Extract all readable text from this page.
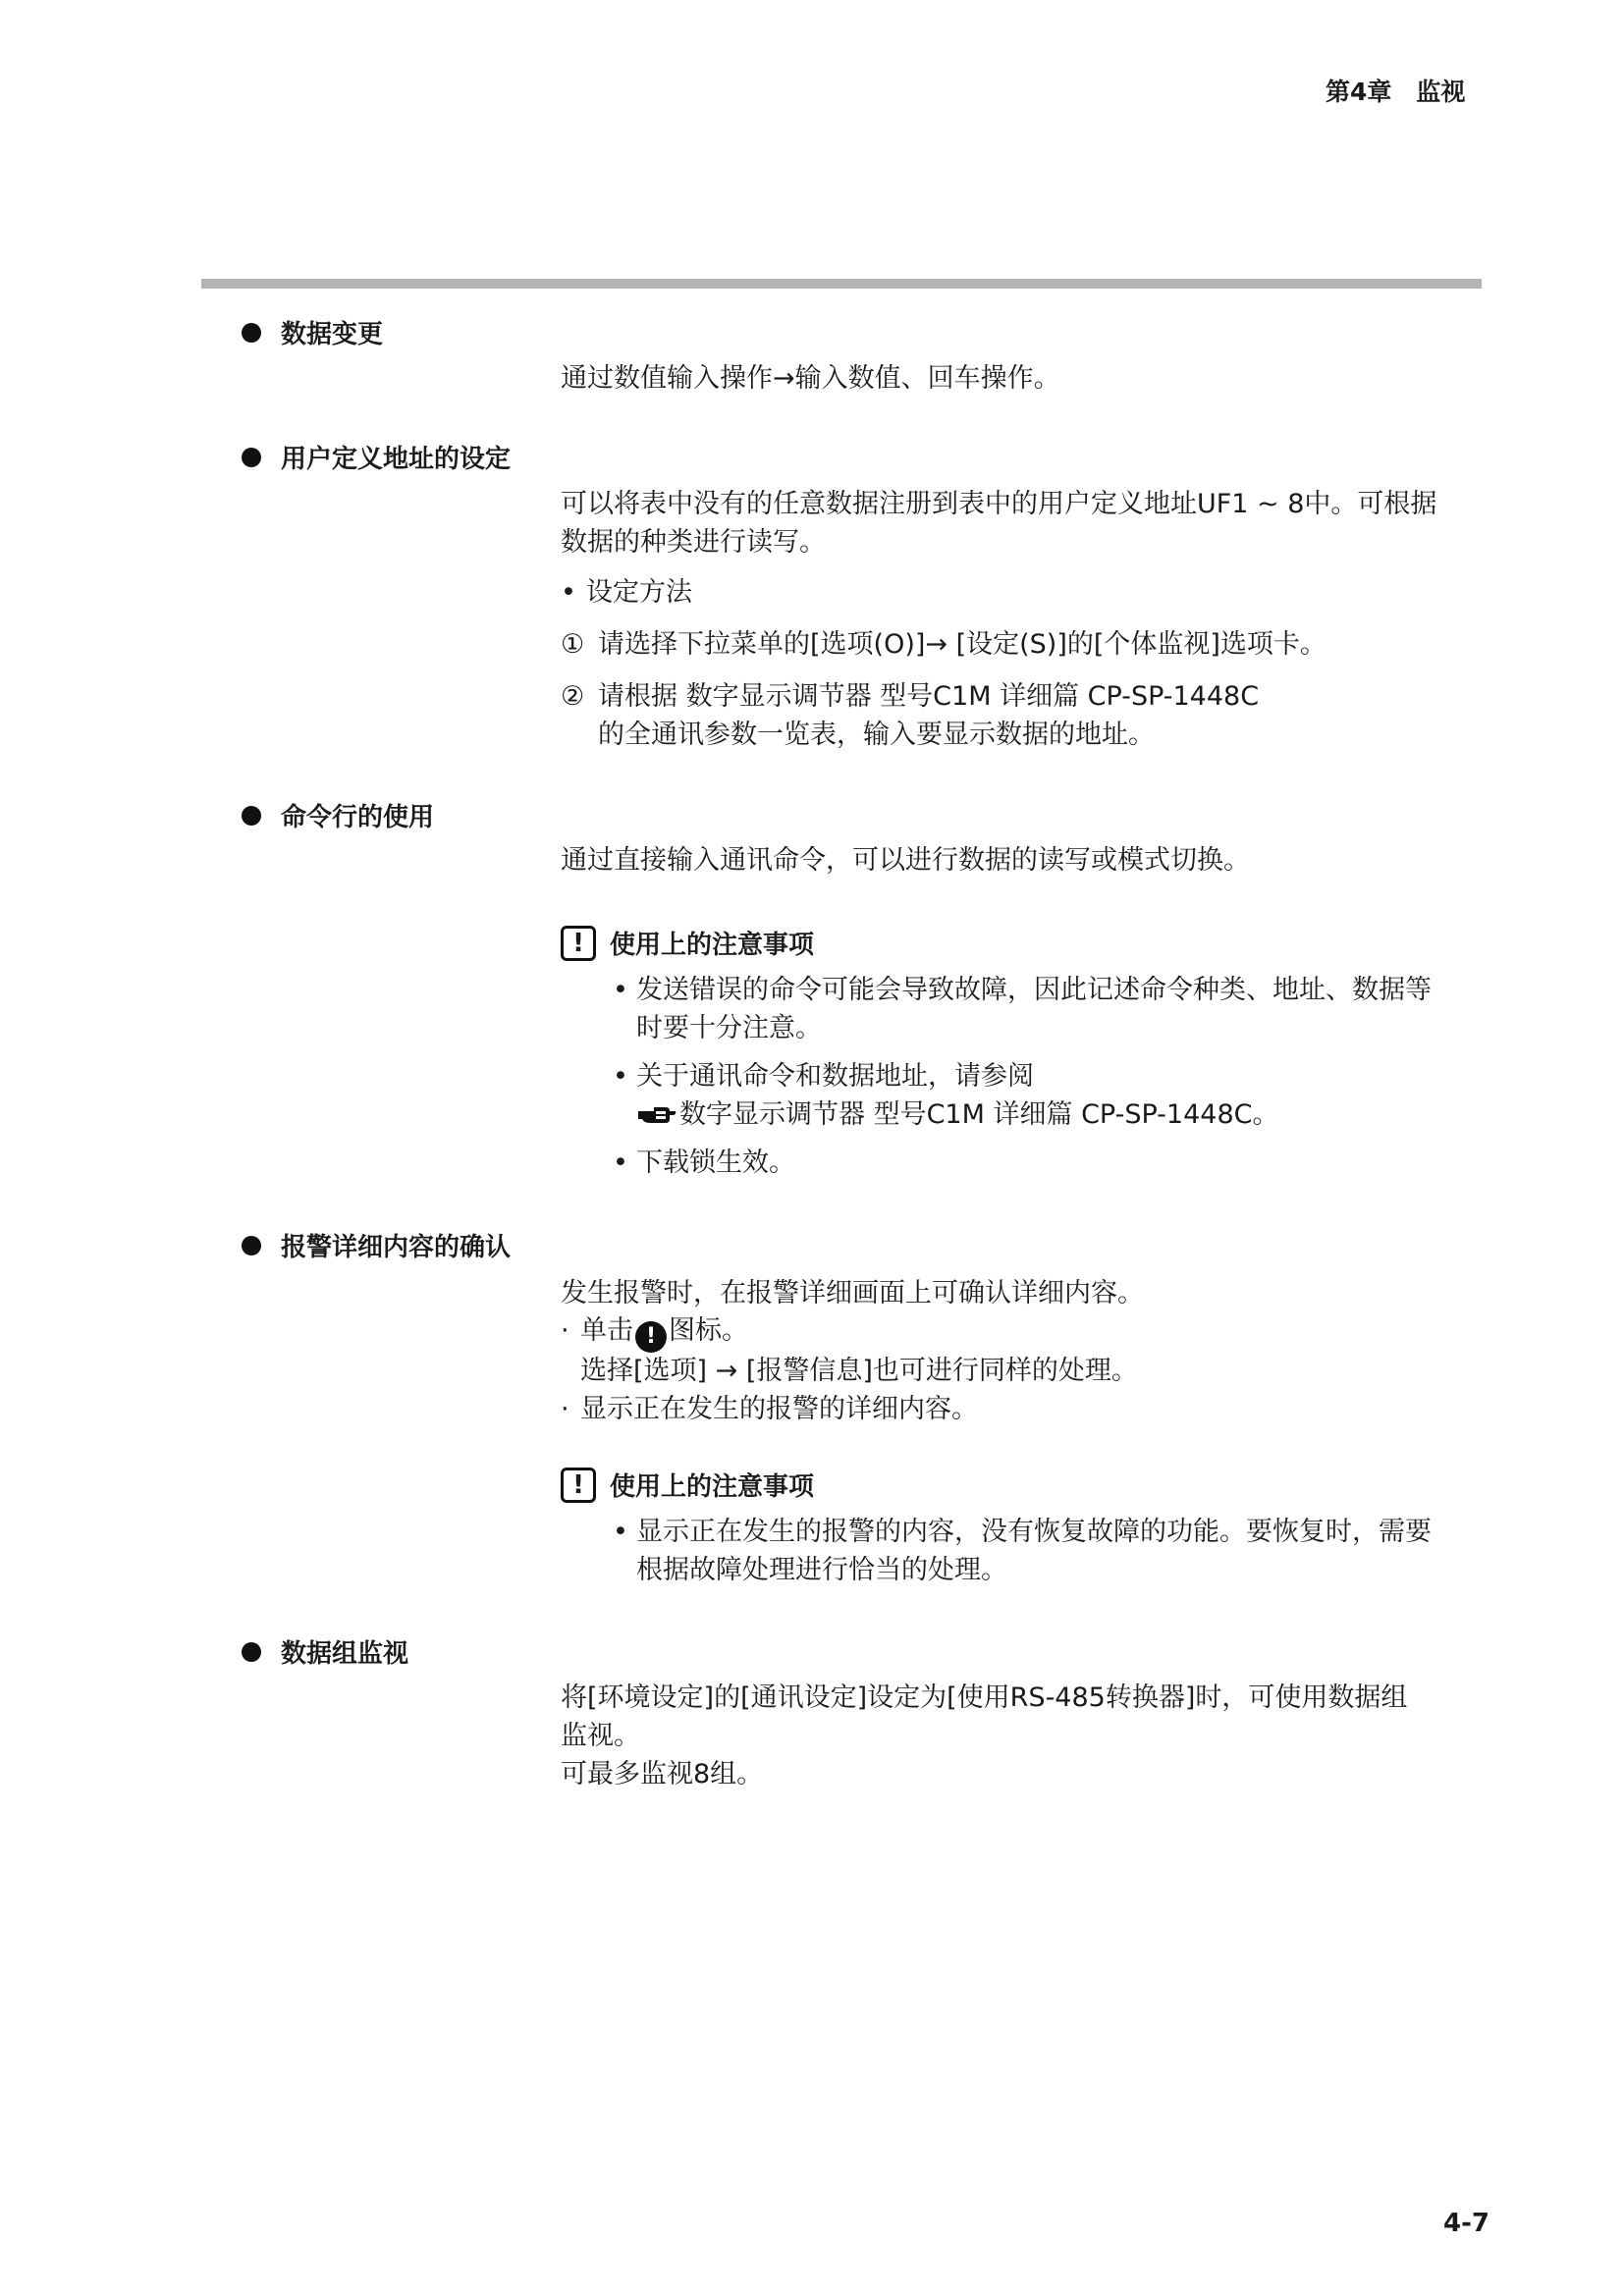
第4章　监视
数据变更
通过数值输入操作→输入数值、回车操作。
用户定义地址的设定
可以将表中没有的任意数据注册到表中的用户定义地址UF1 ~ 8中。可根据
数据的种类进行读写。
• 设定方法
① 请选择下拉菜单的[选项(O)]→ [设定(S)]的[个体监视]选项卡。
② 请根据 数字显示调节器 型号C1M 详细篇 CP-SP-1448C
的全通讯参数一览表，输入要显示数据的地址。
命令行的使用
通过直接输入通讯命令，可以进行数据的读写或模式切换。
!	使用上的注意事项
• 发送错误的命令可能会导致故障，因此记述命令种类、地址、数据等
时要十分注意。
• 关于通讯命令和数据地址，请参阅
数字显示调节器 型号C1M 详细篇 CP-SP-1448C。
• 下载锁生效。
报警详细内容的确认
发生报警时，在报警详细画面上可确认详细内容。
· 单击 ! 图标。
选择[选项] → [报警信息]也可进行同样的处理。
· 显示正在发生的报警的详细内容。
!	使用上的注意事项
• 显示正在发生的报警的内容，没有恢复故障的功能。要恢复时，需要
根据故障处理进行恰当的处理。
数据组监视
将[环境设定]的[通讯设定]设定为[使用RS-485转换器]时，可使用数据组
监视。
可最多监视8组。
4-7
